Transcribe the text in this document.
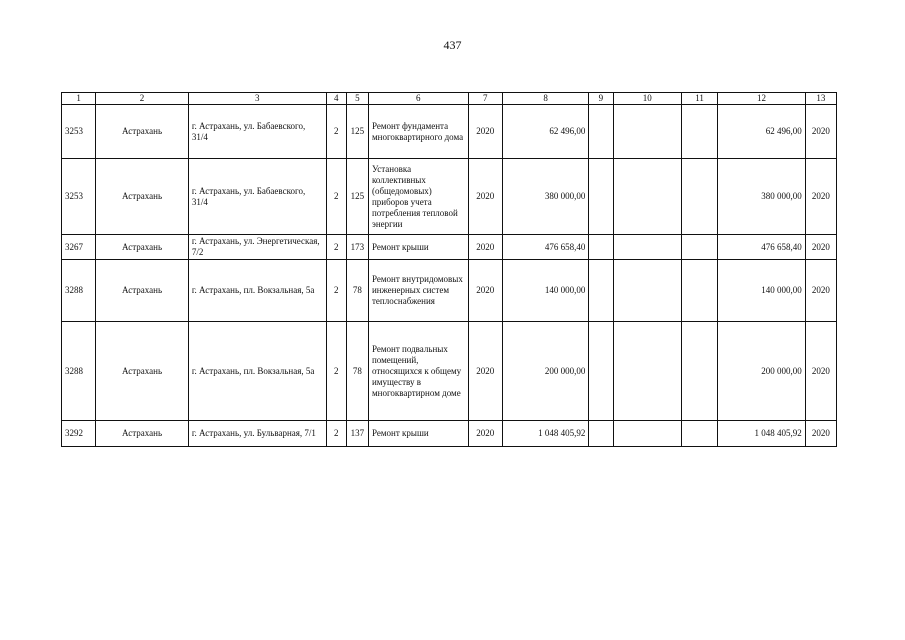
437
1	2	3	4	5	6	7	8	9	10	11	12	13
3253	Астрахань	г. Астрахань, ул. Бабаевского, 31/4	2	125	Ремонт фундамента многоквартирного дома	2020	62 496,00				62 496,00	2020
3253	Астрахань	г. Астрахань, ул. Бабаевского, 31/4	2	125	Установка коллективных (общедомовых) приборов учета потребления тепловой энергии	2020	380 000,00				380 000,00	2020
3267	Астрахань	г. Астрахань, ул. Энергетическая, 7/2	2	173	Ремонт крыши	2020	476 658,40				476 658,40	2020
3288	Астрахань	г. Астрахань, пл. Вокзальная, 5а	2	78	Ремонт внутридомовых инженерных систем теплоснабжения	2020	140 000,00				140 000,00	2020
3288	Астрахань	г. Астрахань, пл. Вокзальная, 5а	2	78	Ремонт подвальных помещений, относящихся к общему имуществу в многоквартирном доме	2020	200 000,00				200 000,00	2020
3292	Астрахань	г. Астрахань, ул. Бульварная, 7/1	2	137	Ремонт крыши	2020	1 048 405,92				1 048 405,92	2020
